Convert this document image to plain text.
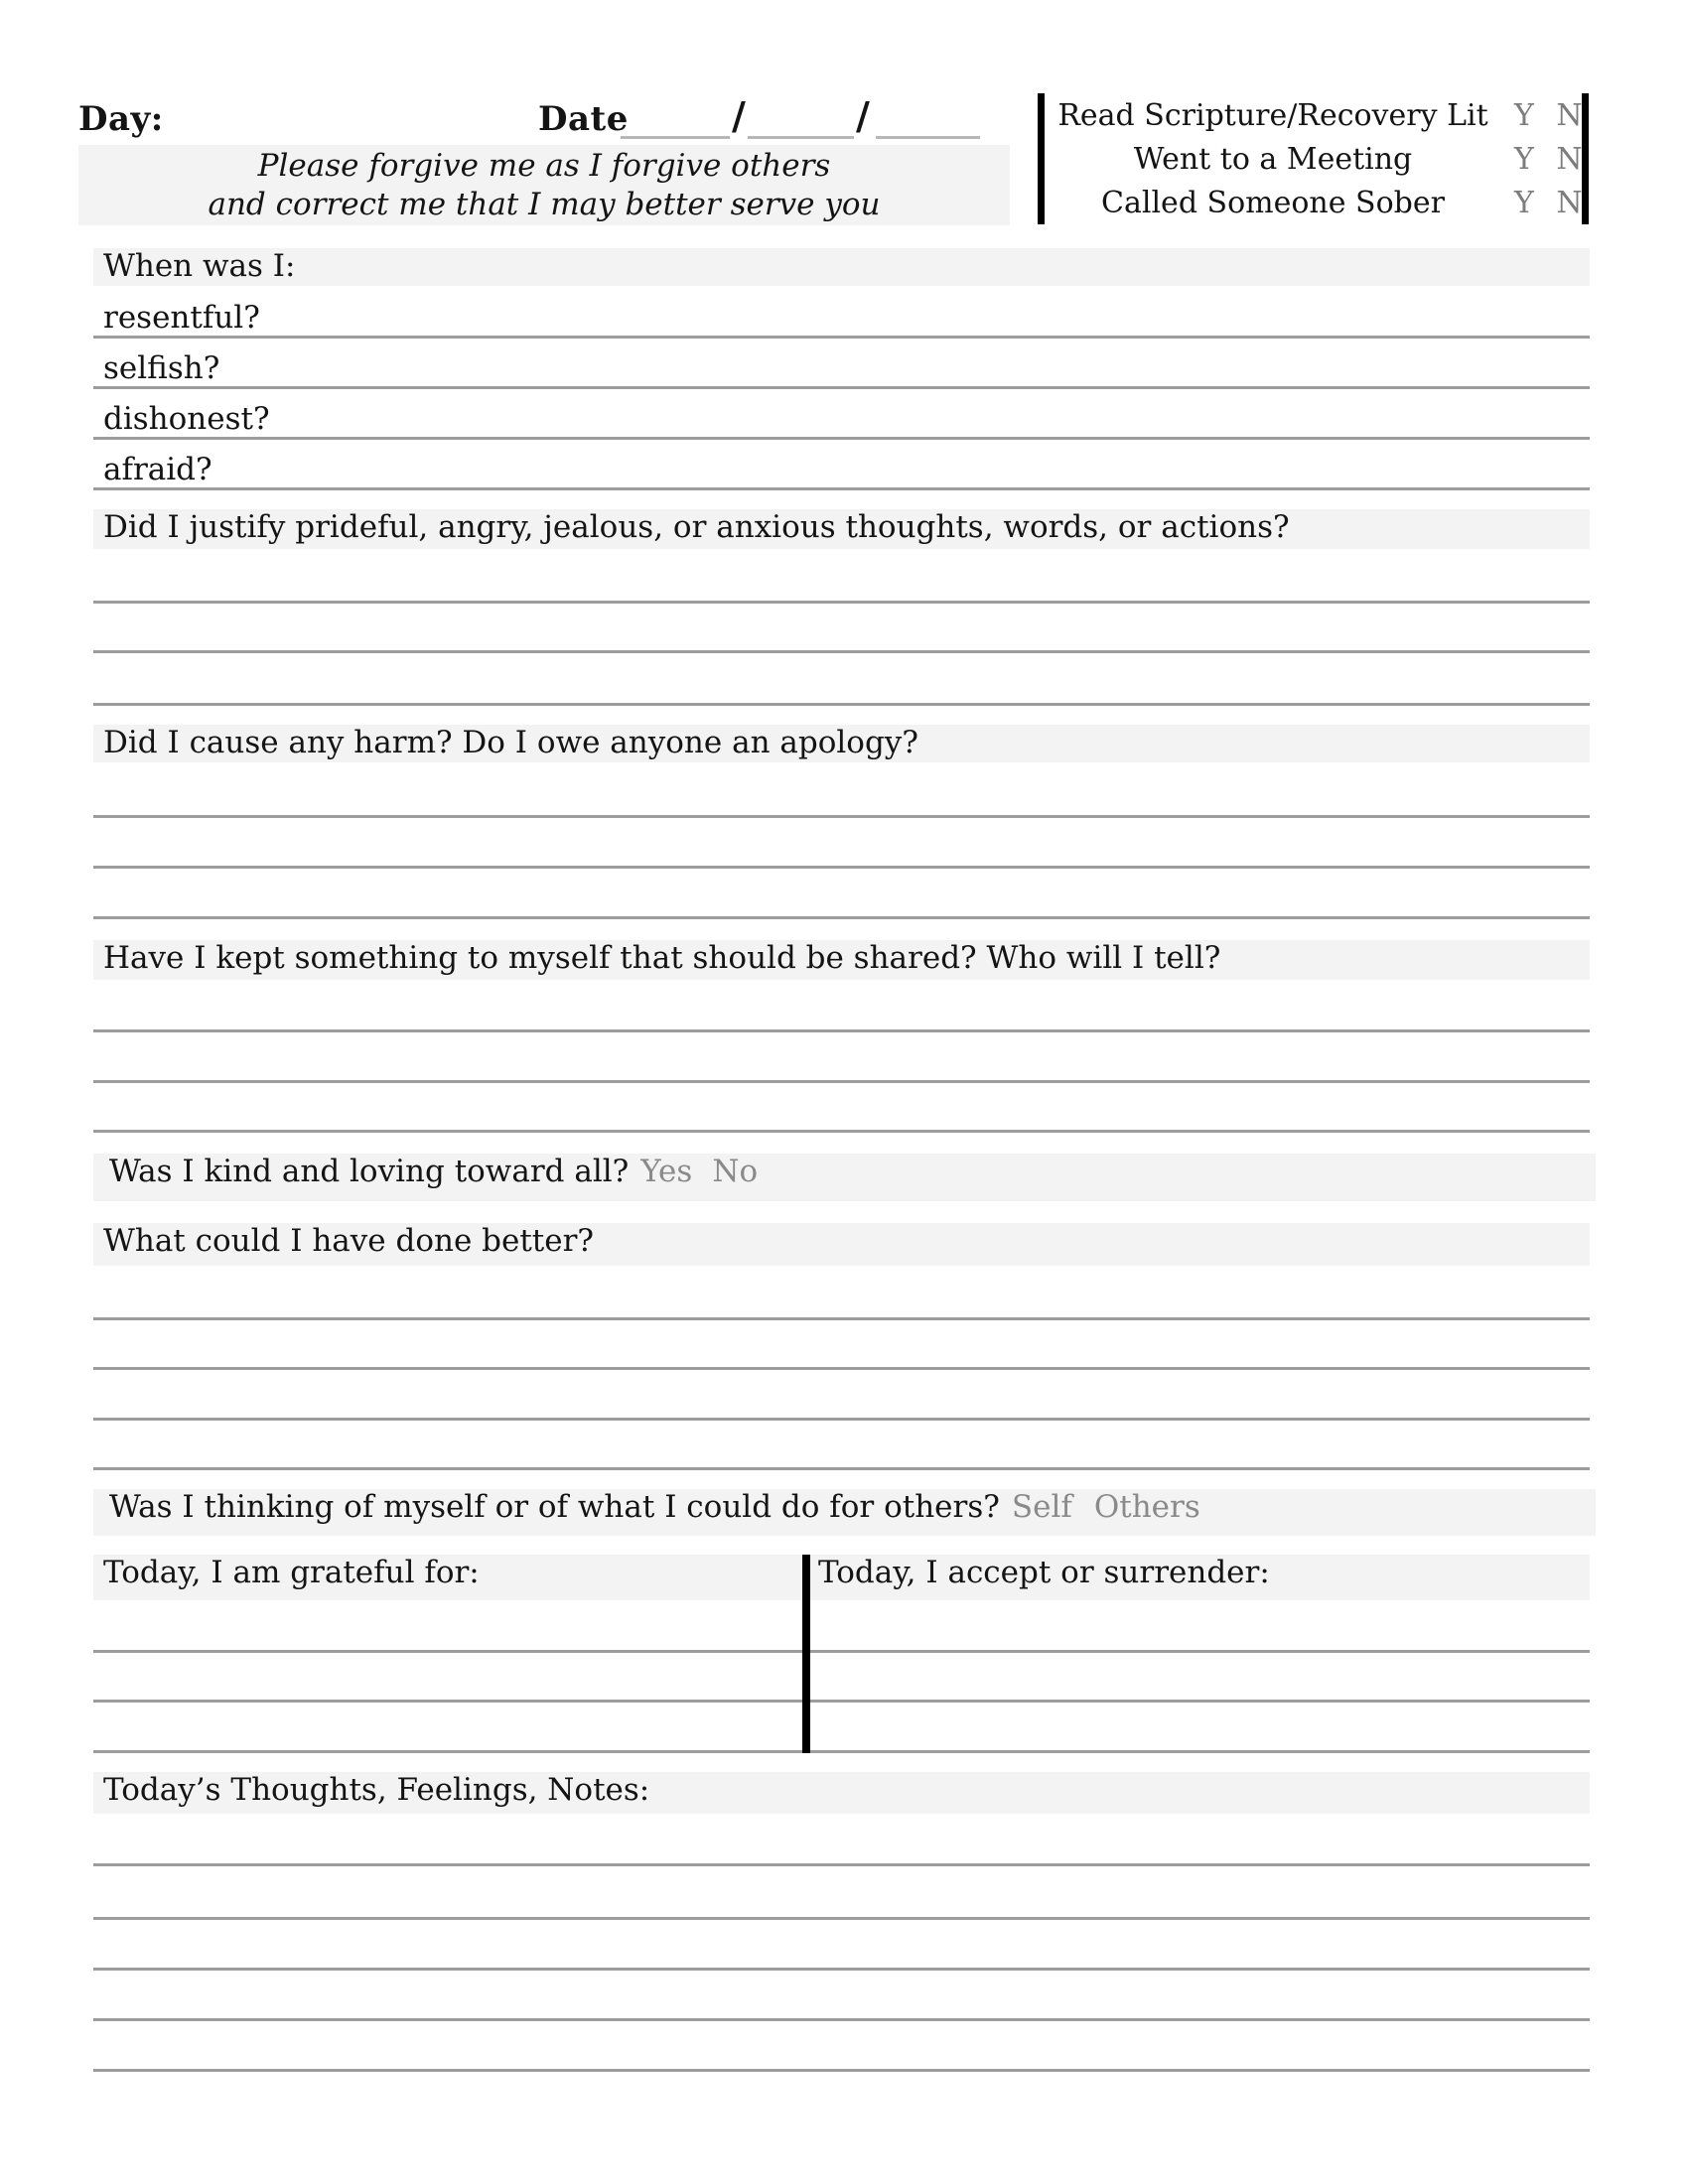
Day:	Date	/	/	Read Scripture/Recovery Lit Y N
Went to a Meeting	Y N
Called Someone Sober	Y N
Please forgive me as I forgive others
and correct me that I may better serve you
When was I:
resentful?
selfish?
dishonest?
afraid?
Did I justify prideful, angry, jealous, or anxious thoughts, words, or actions?
Did I cause any harm? Do I owe anyone an apology?
Have I kept something to myself that should be shared? Who will I tell?
Was I kind and loving toward all? Yes No
What could I have done better?
Was I thinking of myself or of what I could do for others? Self Others
Today, I am grateful for:	Today, I accept or surrender:
Today’s Thoughts, Feelings, Notes:
